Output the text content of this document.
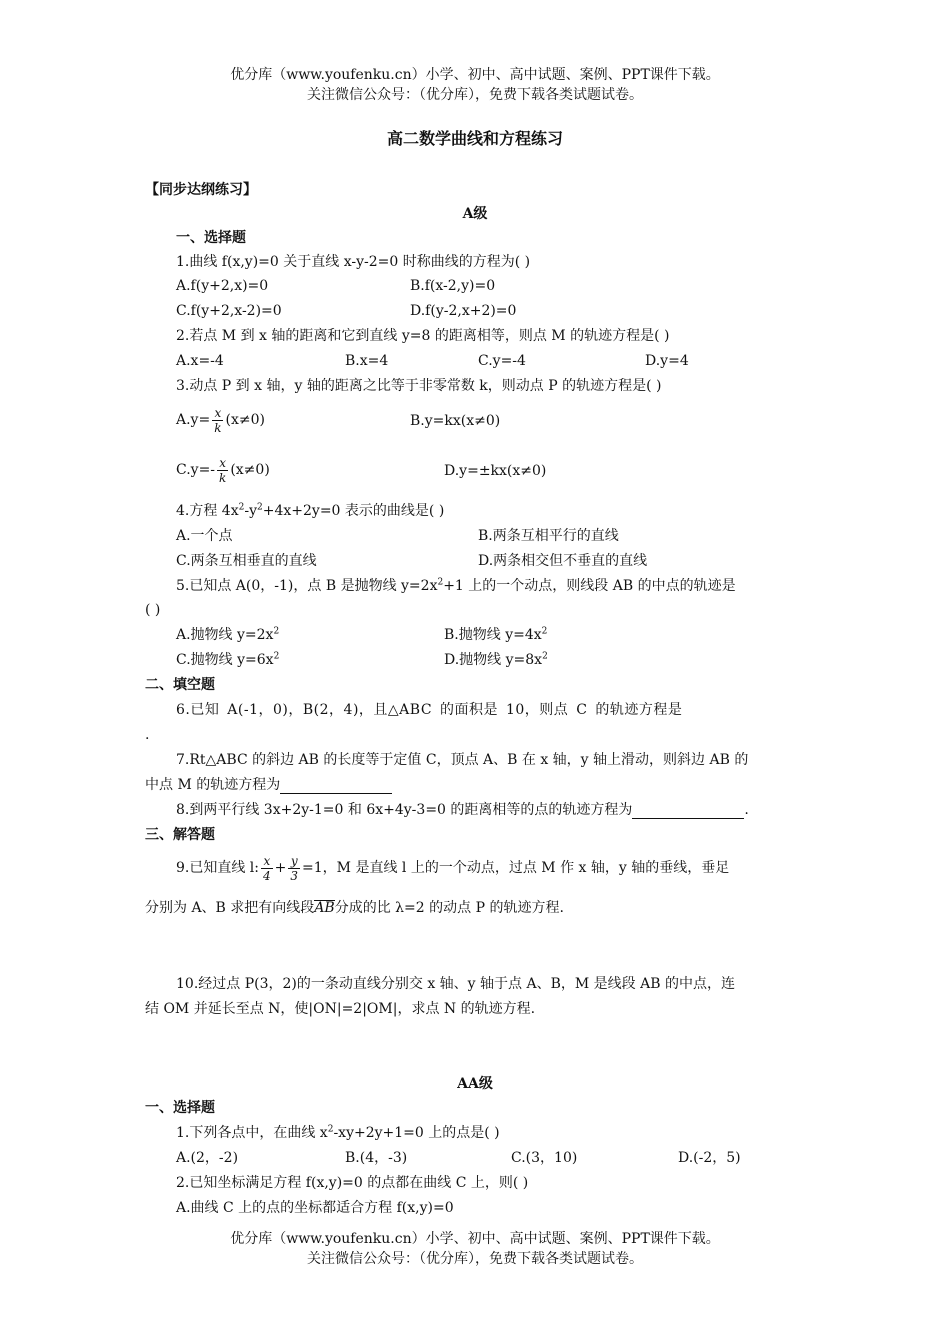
优分库（www.youfenku.cn）小学、初中、高中试题、案例、PPT课件下载。
关注微信公众号：（优分库），免费下载各类试题试卷。
高二数学曲线和方程练习
【同步达纲练习】
A级
一、选择题
1.曲线 f(x,y)=0 关于直线 x-y-2=0 时称曲线的方程为( )
A.f(y+2,x)=0	B.f(x-2,y)=0
C.f(y+2,x-2)=0	D.f(y-2,x+2)=0
2.若点 M 到 x 轴的距离和它到直线 y=8 的距离相等，则点 M 的轨迹方程是( )
A.x=-4	B.x=4	C.y=-4	D.y=4
3.动点 P 到 x 轴，y 轴的距离之比等于非零常数 k，则动点 P 的轨迹方程是( )
$A.y= \frac{x}{k} (x\ne 0)$	B.y=kx(x≠0)
$C.y=- \frac{x}{k} (x\ne 0)$	D.y=±kx(x≠0)
4.方程 $4x^2-y^2+4x+2y=0$ 表示的曲线是( )
A.一个点	B.两条互相平行的直线
C.两条互相垂直的直线	D.两条相交但不垂直的直线
5.已知点 A(0，-1)，点 B 是抛物线 $y=2x^2+1$ 上的一个动点，则线段 AB 的中点的轨迹是
( )
A.抛物线 $y=2x^2$	B.抛物线 $y=4x^2$
C.抛物线 $y=6x^2$	D.抛物线 $y=8x^2$
二、填空题
6.已知 A(-1，0)，B(2，4)，且△ABC 的面积是 10，则点 C 的轨迹方程是
.
7.Rt△ABC 的斜边 AB 的长度等于定值 C，顶点 A、B 在 x 轴，y 轴上滑动，则斜边 AB 的
中点 M 的轨迹方程为
8.到两平行线 3x+2y-1=0 和 6x+4y-3=0 的距离相等的点的轨迹方程为	.
三、解答题
9.已知直线 l: $\frac{x}{4} + \frac{y}{3} =1$，M 是直线 l 上的一个动点，过点 M 作 x 轴，y 轴的垂线，垂足
分别为 A、B 求把有向线段AB分成的比 λ=2 的动点 P 的轨迹方程.
10.经过点 P(3，2)的一条动直线分别交 x 轴、y 轴于点 A、B，M 是线段 AB 的中点，连
结 OM 并延长至点 N，使|ON|=2|OM|，求点 N 的轨迹方程.
AA级
一、选择题
1.下列各点中，在曲线 $x^2-xy+2y+1=0$ 上的点是( )
A.(2，-2)	B.(4，-3)	C.(3，10)	D.(-2，5)
2.已知坐标满足方程 f(x,y)=0 的点都在曲线 C 上，则( )
A.曲线 C 上的点的坐标都适合方程 f(x,y)=0
优分库（www.youfenku.cn）小学、初中、高中试题、案例、PPT课件下载。
关注微信公众号：（优分库），免费下载各类试题试卷。
